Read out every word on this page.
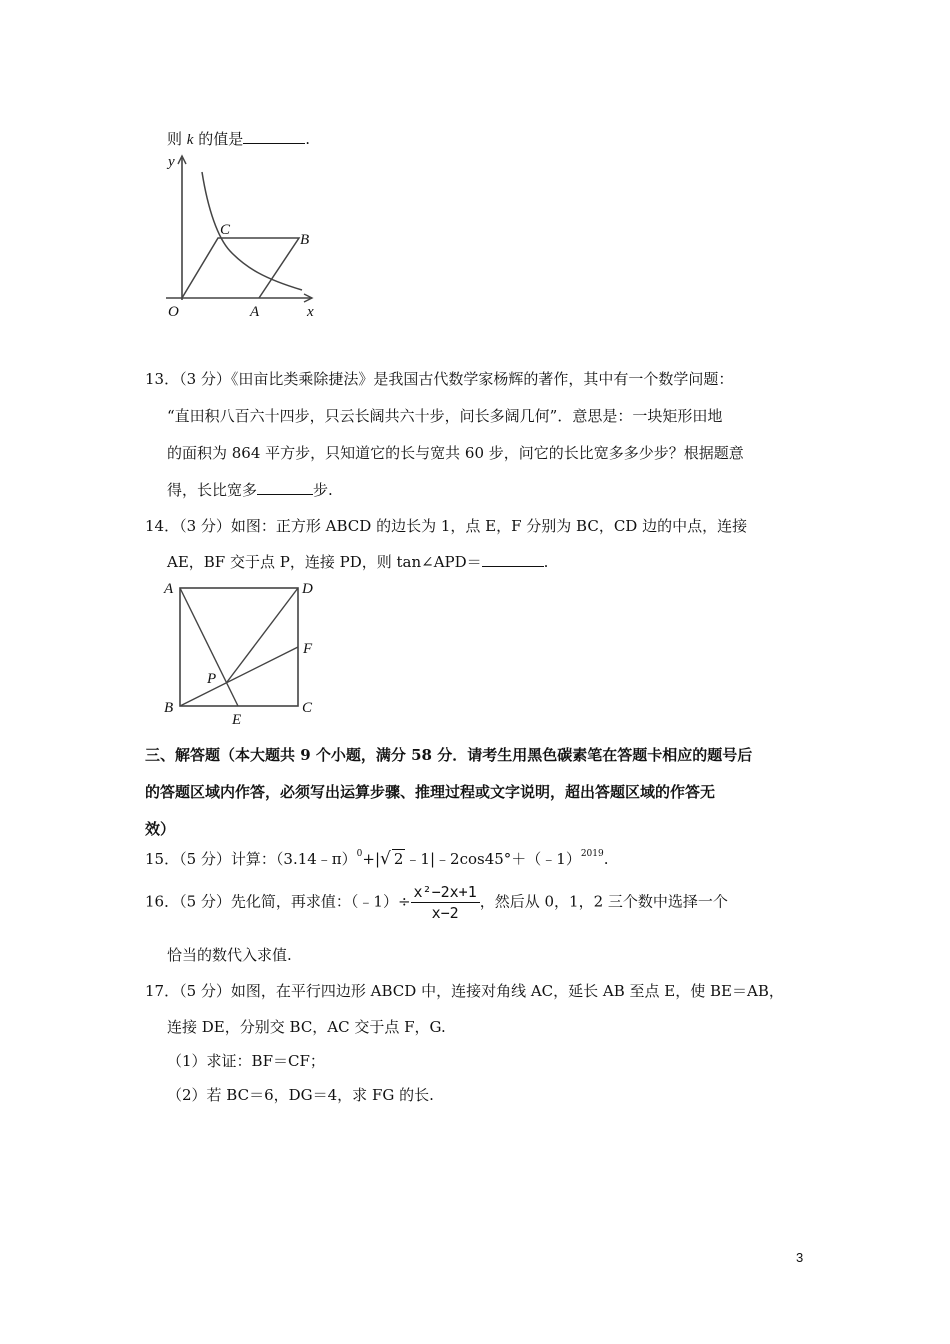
则 k 的值是	.
y
x
O	A
B
C
13．（3 分）《田亩比类乘除捷法》是我国古代数学家杨辉的著作，其中有一个数学问题：
“直田积八百六十四步，只云长阔共六十步，问长多阔几何”．意思是：一块矩形田地
的面积为 864 平方步，只知道它的长与宽共 60 步，问它的长比宽多多少步？根据题意
得，长比宽多	步.
14．（3 分）如图：正方形 ABCD 的边长为 1，点 E，F 分别为 BC，CD 边的中点，连接
AE，BF 交于点 P，连接 PD，则 tan∠APD＝	.
A
B	C
D
E
F
P
三、解答题（本大题共 9 个小题，满分 58 分．请考生用黑色碳素笔在答题卡相应的题号后
的答题区域内作答，必须写出运算步骤、推理过程或文字说明，超出答题区域的作答无
效）
15．（5 分）计算：（3.14﹣π）$^0$+|√ 2 ﹣1|﹣2cos45°＋（﹣1）$^{2019}$.
16．（5 分）先化简，再求值：（﹣1）÷ $\frac{\text{x²−2x+1}}{x-2}$ ，然后从 0，1，2 三个数中选择一个
恰当的数代入求值.
17．（5 分）如图，在平行四边形 ABCD 中，连接对角线 AC，延长 AB 至点 E，使 BE＝AB，
连接 DE，分别交 BC，AC 交于点 F，G.
（1）求证：BF＝CF；
（2）若 BC＝6，DG＝4，求 FG 的长.
3
